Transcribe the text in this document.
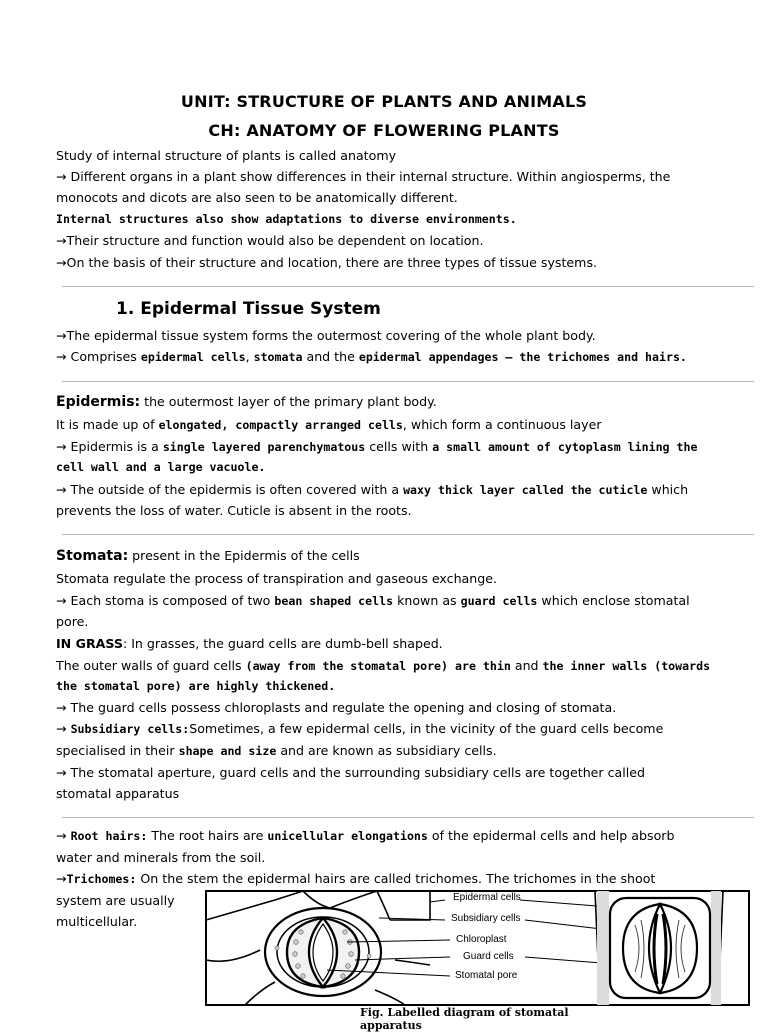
UNIT: STRUCTURE OF PLANTS AND ANIMALS
CH: ANATOMY OF FLOWERING PLANTS
Study of internal structure of plants is called anatomy
→ Different organs in a plant show differences in their internal structure. Within angiosperms, the
monocots and dicots are also seen to be anatomically different.
Internal structures also show adaptations to diverse environments.
→Their structure and function would also be dependent on location.
→On the basis of their structure and location, there are three types of tissue systems.
1. Epidermal Tissue System
→The epidermal tissue system forms the outermost covering of the whole plant body.
→ Comprises epidermal cells, stomata and the epidermal appendages – the trichomes and hairs.
Epidermis: the outermost layer of the primary plant body.
It is made up of elongated, compactly arranged cells, which form a continuous layer
→ Epidermis is a single layered parenchymatous cells with a small amount of cytoplasm lining the
cell wall and a large vacuole.
→ The outside of the epidermis is often covered with a waxy thick layer called the cuticle which
prevents the loss of water. Cuticle is absent in the roots.
Stomata: present in the Epidermis of the cells
Stomata regulate the process of transpiration and gaseous exchange.
→ Each stoma is composed of two bean shaped cells known as guard cells which enclose stomatal
pore.
IN GRASS: In grasses, the guard cells are dumb-bell shaped.
The outer walls of guard cells (away from the stomatal pore) are thin and the inner walls (towards
the stomatal pore) are highly thickened.
→ The guard cells possess chloroplasts and regulate the opening and closing of stomata.
→ Subsidiary cells:Sometimes, a few epidermal cells, in the vicinity of the guard cells become
specialised in their shape and size and are known as subsidiary cells.
→ The stomatal aperture, guard cells and the surrounding subsidiary cells are together called
stomatal apparatus
→ Root hairs: The root hairs are unicellular elongations of the epidermal cells and help absorb
water and minerals from the soil.
→Trichomes: On the stem the epidermal hairs are called trichomes. The trichomes in the shoot
system are usually
multicellular.
Epidermal cells
Subsidiary cells
Chloroplast
Guard cells
Stomatal pore
Fig. Labelled diagram of stomatal apparatus
